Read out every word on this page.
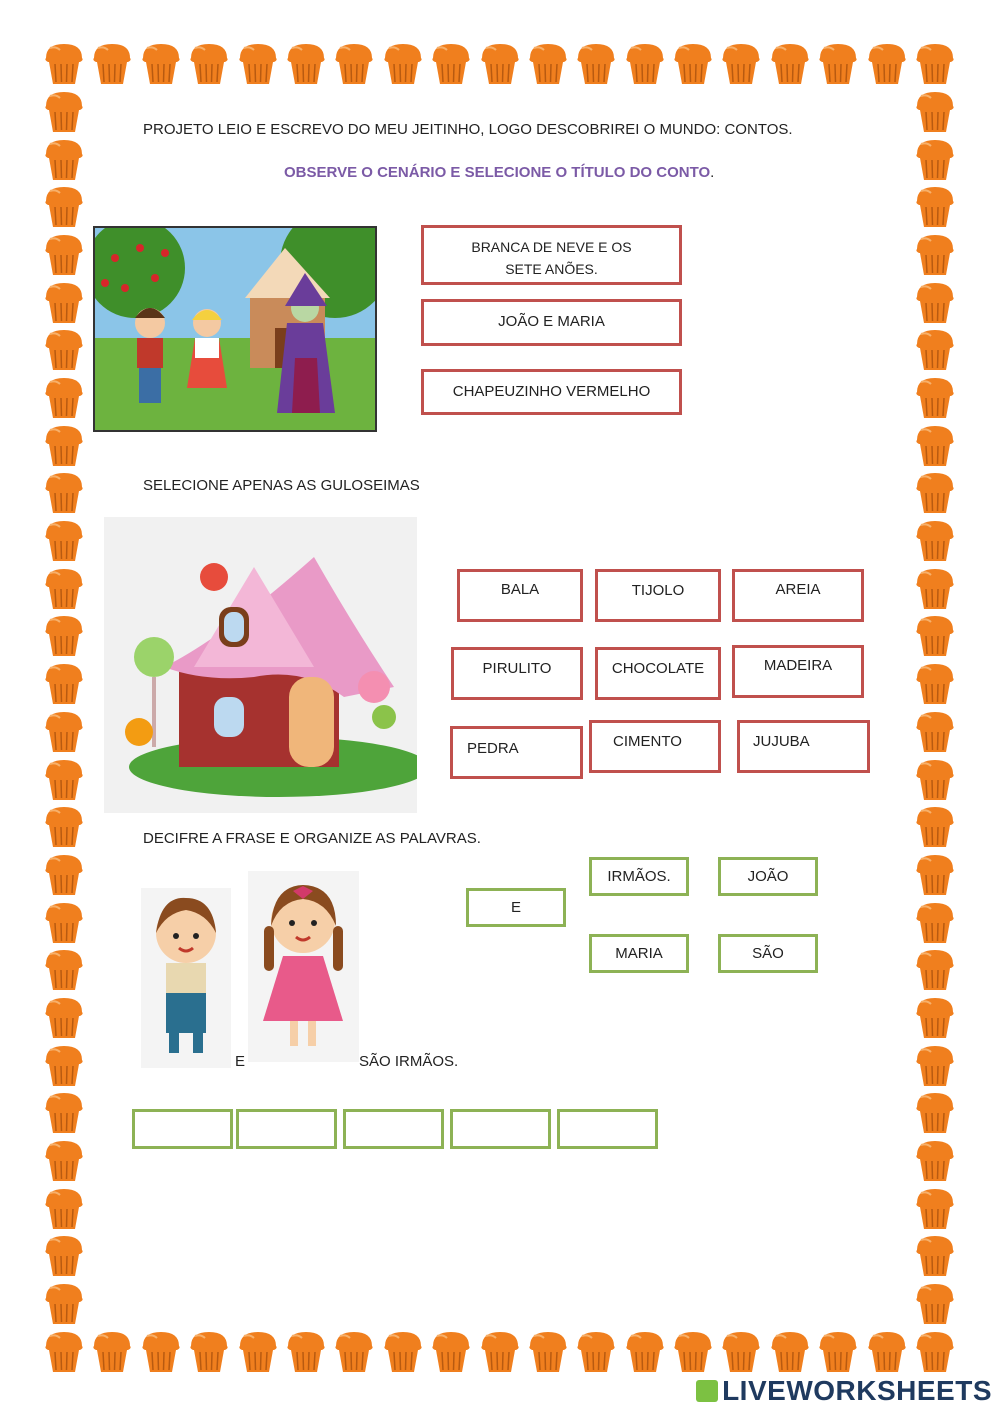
PROJETO LEIO E ESCREVO DO MEU JEITINHO, LOGO DESCOBRIREI O MUNDO: CONTOS.
OBSERVE O CENÁRIO E SELECIONE O TÍTULO DO CONTO.
BRANCA DE NEVE E OS SETE ANÕES.
JOÃO E MARIA
CHAPEUZINHO VERMELHO
SELECIONE APENAS AS GULOSEIMAS
BALA	TIJOLO	AREIA
PIRULITO	CHOCOLATE	MADEIRA
PEDRA	CIMENTO	JUJUBA
DECIFRE A FRASE E ORGANIZE AS PALAVRAS.
E	SÃO IRMÃOS.
E
IRMÃOS.	JOÃO
MARIA	SÃO
LIVEWORKSHEETS
